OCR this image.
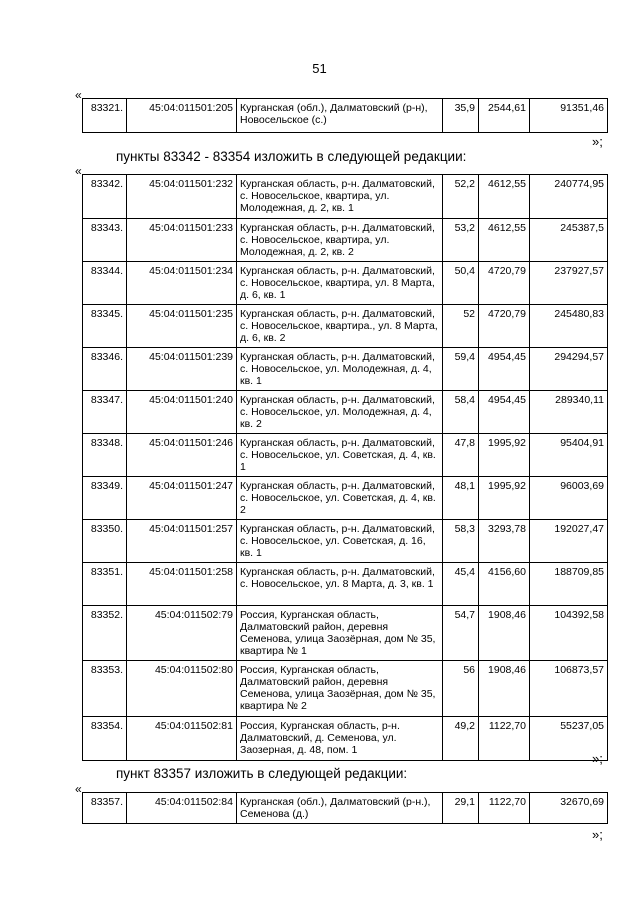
51
«
83321.	45:04:011501:205	Курганская (обл.), Далматовский (р-н), Новосельское (с.)	35,9	2544,61	91351,46
»;
пункты 83342 - 83354 изложить в следующей редакции:
«
83342.	45:04:011501:232	Курганская область, р-н. Далматовский, с. Новосельское, квартира, ул. Молодежная, д. 2, кв. 1	52,2	4612,55	240774,95
83343.	45:04:011501:233	Курганская область, р-н. Далматовский, с. Новосельское, квартира, ул. Молодежная, д. 2, кв. 2	53,2	4612,55	245387,5
83344.	45:04:011501:234	Курганская область, р-н. Далматовский, с. Новосельское, квартира, ул. 8 Марта, д. 6, кв. 1	50,4	4720,79	237927,57
83345.	45:04:011501:235	Курганская область, р-н. Далматовский, с. Новосельское, квартира., ул. 8 Марта, д. 6, кв. 2	52	4720,79	245480,83
83346.	45:04:011501:239	Курганская область, р-н. Далматовский, с. Новосельское, ул. Молодежная, д. 4, кв. 1	59,4	4954,45	294294,57
83347.	45:04:011501:240	Курганская область, р-н. Далматовский, с. Новосельское, ул. Молодежная, д. 4, кв. 2	58,4	4954,45	289340,11
83348.	45:04:011501:246	Курганская область, р-н. Далматовский, с. Новосельское, ул. Советская, д. 4, кв. 1	47,8	1995,92	95404,91
83349.	45:04:011501:247	Курганская область, р-н. Далматовский, с. Новосельское, ул. Советская, д. 4, кв. 2	48,1	1995,92	96003,69
83350.	45:04:011501:257	Курганская область, р-н. Далматовский, с. Новосельское, ул. Советская, д. 16, кв. 1	58,3	3293,78	192027,47
83351.	45:04:011501:258	Курганская область, р-н. Далматовский, с. Новосельское, ул. 8 Марта, д. 3, кв. 1	45,4	4156,60	188709,85
83352.	45:04:011502:79	Россия, Курганская область, Далматовский район, деревня Семенова, улица Заозёрная, дом № 35, квартира № 1	54,7	1908,46	104392,58
83353.	45:04:011502:80	Россия, Курганская область, Далматовский район, деревня Семенова, улица Заозёрная, дом № 35, квартира № 2	56	1908,46	106873,57
83354.	45:04:011502:81	Россия, Курганская область, р-н. Далматовский, д. Семенова, ул. Заозерная, д. 48, пом. 1	49,2	1122,70	55237,05
»;
пункт 83357 изложить в следующей редакции:
«
83357.	45:04:011502:84	Курганская (обл.), Далматовский (р-н.), Семенова (д.)	29,1	1122,70	32670,69
»;
